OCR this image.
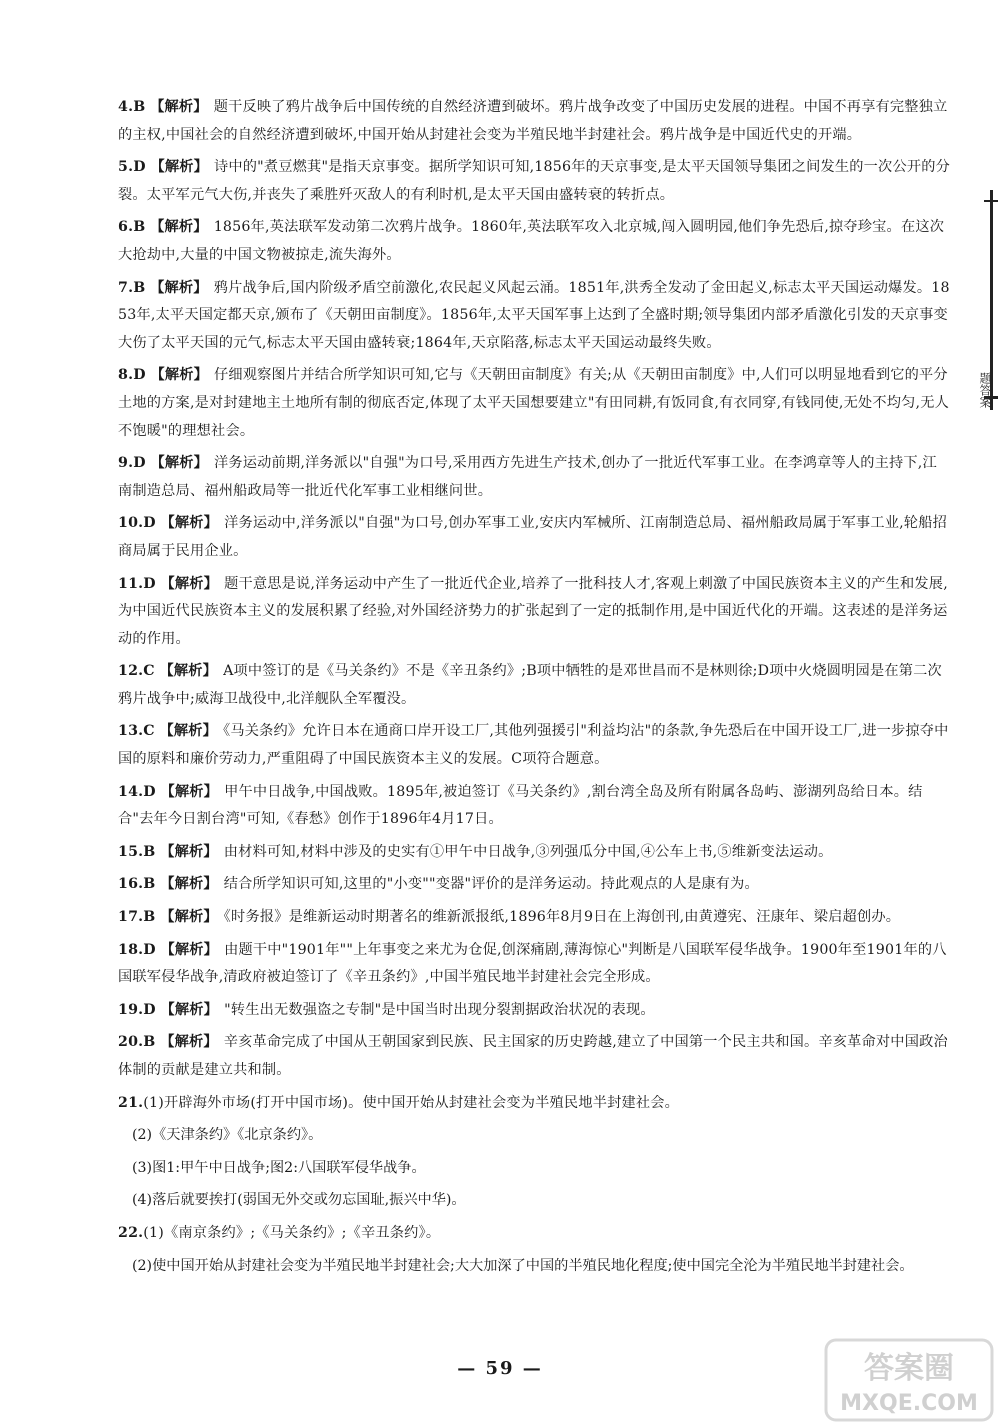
4.B 【解析】 题干反映了鸦片战争后中国传统的自然经济遭到破坏。鸦片战争改变了中国历史发展的进程。中国不再享有完整独立的主权,中国社会的自然经济遭到破坏,中国开始从封建社会变为半殖民地半封建社会。鸦片战争是中国近代史的开端。
5.D 【解析】 诗中的"煮豆燃萁"是指天京事变。据所学知识可知,1856年的天京事变,是太平天国领导集团之间发生的一次公开的分裂。太平军元气大伤,并丧失了乘胜歼灭敌人的有利时机,是太平天国由盛转衰的转折点。
6.B 【解析】 1856年,英法联军发动第二次鸦片战争。1860年,英法联军攻入北京城,闯入圆明园,他们争先恐后,掠夺珍宝。在这次大抢劫中,大量的中国文物被掠走,流失海外。
7.B 【解析】 鸦片战争后,国内阶级矛盾空前激化,农民起义风起云涌。1851年,洪秀全发动了金田起义,标志太平天国运动爆发。1853年,太平天国定都天京,颁布了《天朝田亩制度》。1856年,太平天国军事上达到了全盛时期;领导集团内部矛盾激化引发的天京事变大伤了太平天国的元气,标志太平天国由盛转衰;1864年,天京陷落,标志太平天国运动最终失败。
8.D 【解析】 仔细观察图片并结合所学知识可知,它与《天朝田亩制度》有关;从《天朝田亩制度》中,人们可以明显地看到它的平分土地的方案,是对封建地主土地所有制的彻底否定,体现了太平天国想要建立"有田同耕,有饭同食,有衣同穿,有钱同使,无处不均匀,无人不饱暖"的理想社会。
9.D 【解析】 洋务运动前期,洋务派以"自强"为口号,采用西方先进生产技术,创办了一批近代军事工业。在李鸿章等人的主持下,江南制造总局、福州船政局等一批近代化军事工业相继问世。
10.D 【解析】 洋务运动中,洋务派以"自强"为口号,创办军事工业,安庆内军械所、江南制造总局、福州船政局属于军事工业,轮船招商局属于民用企业。
11.D 【解析】 题干意思是说,洋务运动中产生了一批近代企业,培养了一批科技人才,客观上刺激了中国民族资本主义的产生和发展,为中国近代民族资本主义的发展积累了经验,对外国经济势力的扩张起到了一定的抵制作用,是中国近代化的开端。这表述的是洋务运动的作用。
12.C 【解析】 A项中签订的是《马关条约》不是《辛丑条约》;B项中牺牲的是邓世昌而不是林则徐;D项中火烧圆明园是在第二次鸦片战争中;威海卫战役中,北洋舰队全军覆没。
13.C 【解析】 《马关条约》允许日本在通商口岸开设工厂,其他列强援引"利益均沾"的条款,争先恐后在中国开设工厂,进一步掠夺中国的原料和廉价劳动力,严重阻碍了中国民族资本主义的发展。C项符合题意。
14.D 【解析】 甲午中日战争,中国战败。1895年,被迫签订《马关条约》,割台湾全岛及所有附属各岛屿、澎湖列岛给日本。结合"去年今日割台湾"可知,《春愁》创作于1896年4月17日。
15.B 【解析】 由材料可知,材料中涉及的史实有①甲午中日战争,③列强瓜分中国,④公车上书,⑤维新变法运动。
16.B 【解析】 结合所学知识可知,这里的"小变""变器"评价的是洋务运动。持此观点的人是康有为。
17.B 【解析】 《时务报》是维新运动时期著名的维新派报纸,1896年8月9日在上海创刊,由黄遵宪、汪康年、梁启超创办。
18.D 【解析】 由题干中"1901年""上年事变之来尤为仓促,创深痛剧,薄海惊心"判断是八国联军侵华战争。1900年至1901年的八国联军侵华战争,清政府被迫签订了《辛丑条约》,中国半殖民地半封建社会完全形成。
19.D 【解析】 "转生出无数强盗之专制"是中国当时出现分裂割据政治状况的表现。
20.B 【解析】 辛亥革命完成了中国从王朝国家到民族、民主国家的历史跨越,建立了中国第一个民主共和国。辛亥革命对中国政治体制的贡献是建立共和制。
21.(1)开辟海外市场(打开中国市场)。使中国开始从封建社会变为半殖民地半封建社会。
(2)《天津条约》《北京条约》。
(3)图1:甲午中日战争;图2:八国联军侵华战争。
(4)落后就要挨打(弱国无外交或勿忘国耻,振兴中华)。
22.(1)《南京条约》;《马关条约》;《辛丑条约》。
(2)使中国开始从封建社会变为半殖民地半封建社会;大大加深了中国的半殖民地化程度;使中国完全沦为半殖民地半封建社会。
— 59 —
题答案
答案圈
MXQE.COM
